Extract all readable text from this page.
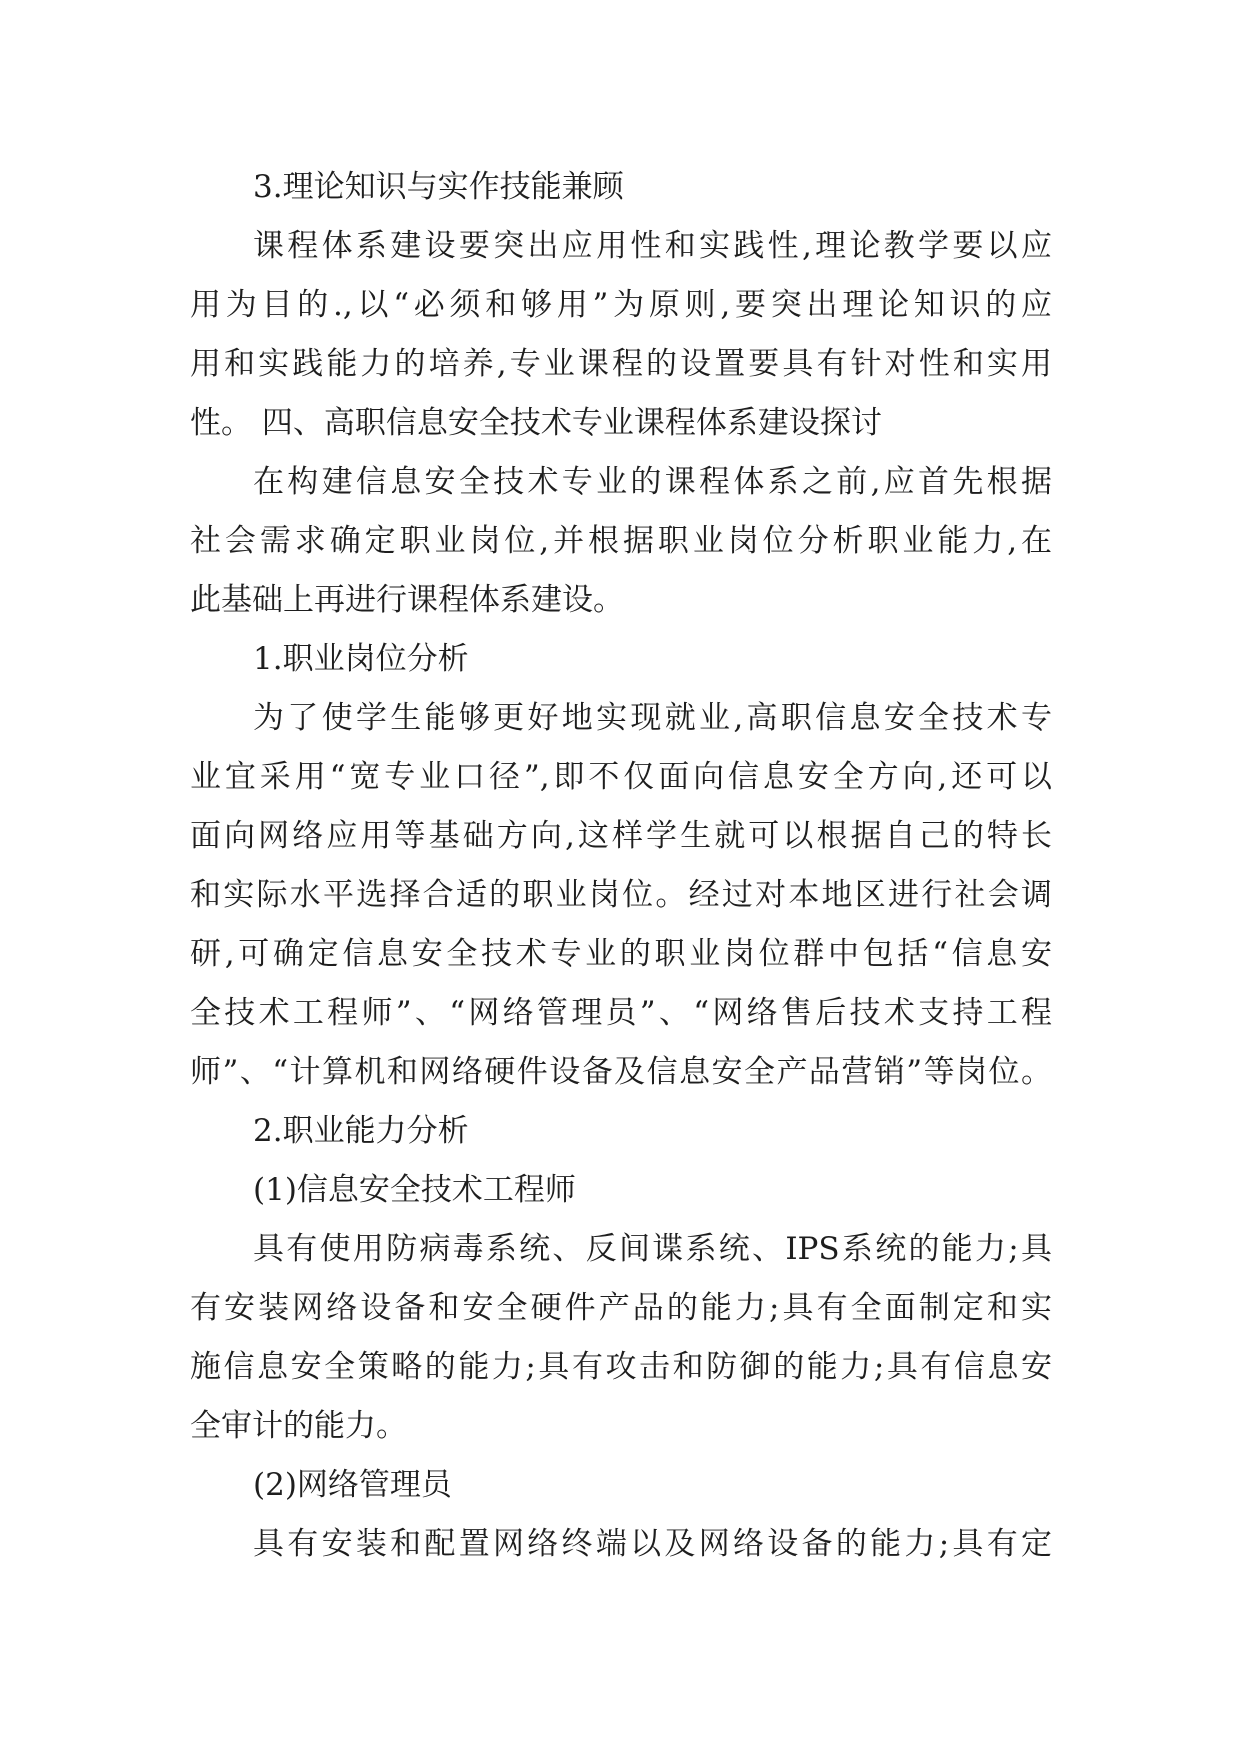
3.理论知识与实作技能兼顾
课程体系建设要突出应用性和实践性,理论教学要以应
用为目的.,以“必须和够用”为原则,要突出理论知识的应
用和实践能力的培养,专业课程的设置要具有针对性和实用
性。 四、高职信息安全技术专业课程体系建设探讨
在构建信息安全技术专业的课程体系之前,应首先根据
社会需求确定职业岗位,并根据职业岗位分析职业能力,在
此基础上再进行课程体系建设。
1.职业岗位分析
为了使学生能够更好地实现就业,高职信息安全技术专
业宜采用“宽专业口径”,即不仅面向信息安全方向,还可以
面向网络应用等基础方向,这样学生就可以根据自己的特长
和实际水平选择合适的职业岗位。经过对本地区进行社会调
研,可确定信息安全技术专业的职业岗位群中包括“信息安
全技术工程师”、“网络管理员”、“网络售后技术支持工程
师”、“计算机和网络硬件设备及信息安全产品营销”等岗位。
2.职业能力分析
(1)信息安全技术工程师
具有使用防病毒系统、反间谍系统、IPS系统的能力;具
有安装网络设备和安全硬件产品的能力;具有全面制定和实
施信息安全策略的能力;具有攻击和防御的能力;具有信息安
全审计的能力。
(2)网络管理员
具有安装和配置网络终端以及网络设备的能力;具有定
